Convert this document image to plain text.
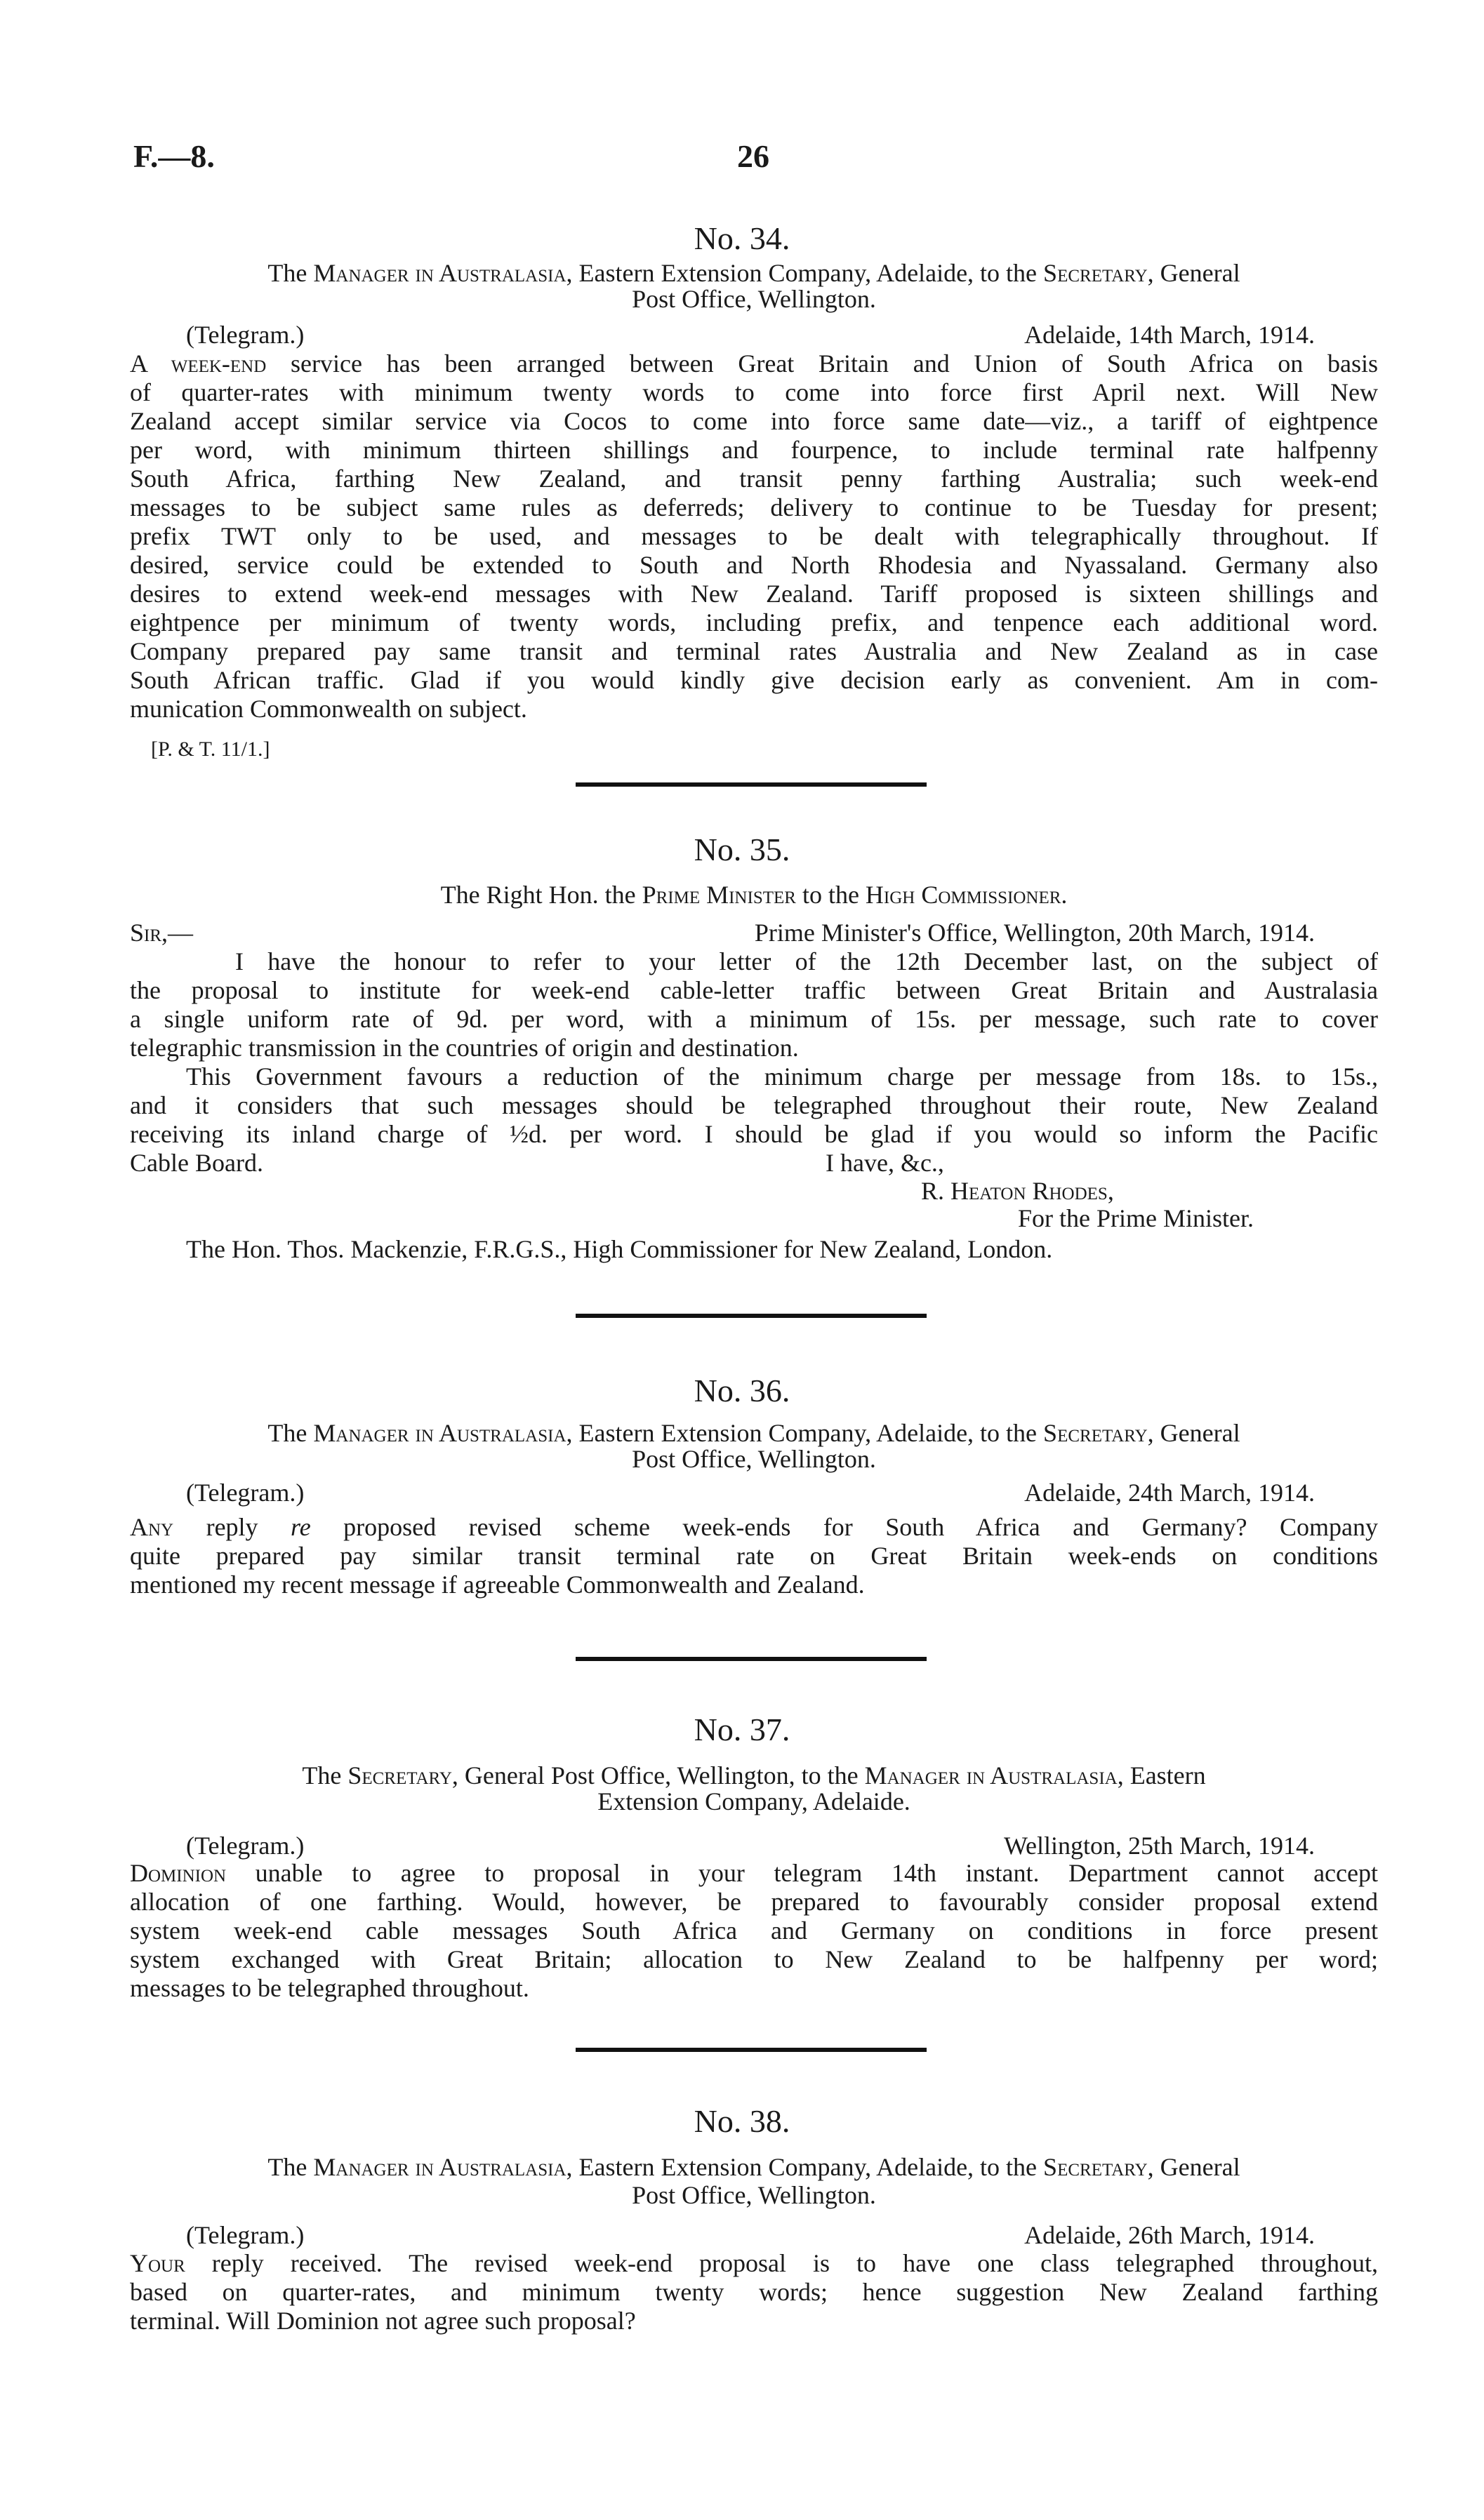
F.—8.	26
No. 34.
The Manager in Australasia, Eastern Extension Company, Adelaide, to the Secretary, General
Post Office, Wellington.
(Telegram.)	Adelaide, 14th March, 1914.
A week-end service has been arranged between Great Britain and Union of South Africa on basis
of quarter-rates with minimum twenty words to come into force first April next. Will New
Zealand accept similar service via Cocos to come into force same date—viz., a tariff of eightpence
per word, with minimum thirteen shillings and fourpence, to include terminal rate halfpenny
South Africa, farthing New Zealand, and transit penny farthing Australia; such week-end
messages to be subject same rules as deferreds; delivery to continue to be Tuesday for present;
prefix TWT only to be used, and messages to be dealt with telegraphically throughout. If
desired, service could be extended to South and North Rhodesia and Nyassaland. Germany also
desires to extend week-end messages with New Zealand. Tariff proposed is sixteen shillings and
eightpence per minimum of twenty words, including prefix, and tenpence each additional word.
Company prepared pay same transit and terminal rates Australia and New Zealand as in case
South African traffic. Glad if you would kindly give decision early as convenient. Am in com-
munication Commonwealth on subject.
[P. & T. 11/1.]
No. 35.
The Right Hon. the Prime Minister to the High Commissioner.
Sir,—	Prime Minister's Office, Wellington, 20th March, 1914.
I have the honour to refer to your letter of the 12th December last, on the subject of
the proposal to institute for week-end cable-letter traffic between Great Britain and Australasia
a single uniform rate of 9d. per word, with a minimum of 15s. per message, such rate to cover
telegraphic transmission in the countries of origin and destination.
This Government favours a reduction of the minimum charge per message from 18s. to 15s.,
and it considers that such messages should be telegraphed throughout their route, New Zealand
receiving its inland charge of ½d. per word. I should be glad if you would so inform the Pacific
Cable Board.	I have, &c.,
R. Heaton Rhodes,
For the Prime Minister.
The Hon. Thos. Mackenzie, F.R.G.S., High Commissioner for New Zealand, London.
No. 36.
The Manager in Australasia, Eastern Extension Company, Adelaide, to the Secretary, General
Post Office, Wellington.
(Telegram.)	Adelaide, 24th March, 1914.
Any reply re proposed revised scheme week-ends for South Africa and Germany? Company
quite prepared pay similar transit terminal rate on Great Britain week-ends on conditions
mentioned my recent message if agreeable Commonwealth and Zealand.
No. 37.
The Secretary, General Post Office, Wellington, to the Manager in Australasia, Eastern
Extension Company, Adelaide.
(Telegram.)	Wellington, 25th March, 1914.
Dominion unable to agree to proposal in your telegram 14th instant. Department cannot accept
allocation of one farthing. Would, however, be prepared to favourably consider proposal extend
system week-end cable messages South Africa and Germany on conditions in force present
system exchanged with Great Britain; allocation to New Zealand to be halfpenny per word;
messages to be telegraphed throughout.
No. 38.
The Manager in Australasia, Eastern Extension Company, Adelaide, to the Secretary, General
Post Office, Wellington.
(Telegram.)	Adelaide, 26th March, 1914.
Your reply received. The revised week-end proposal is to have one class telegraphed throughout,
based on quarter-rates, and minimum twenty words; hence suggestion New Zealand farthing
terminal. Will Dominion not agree such proposal?
